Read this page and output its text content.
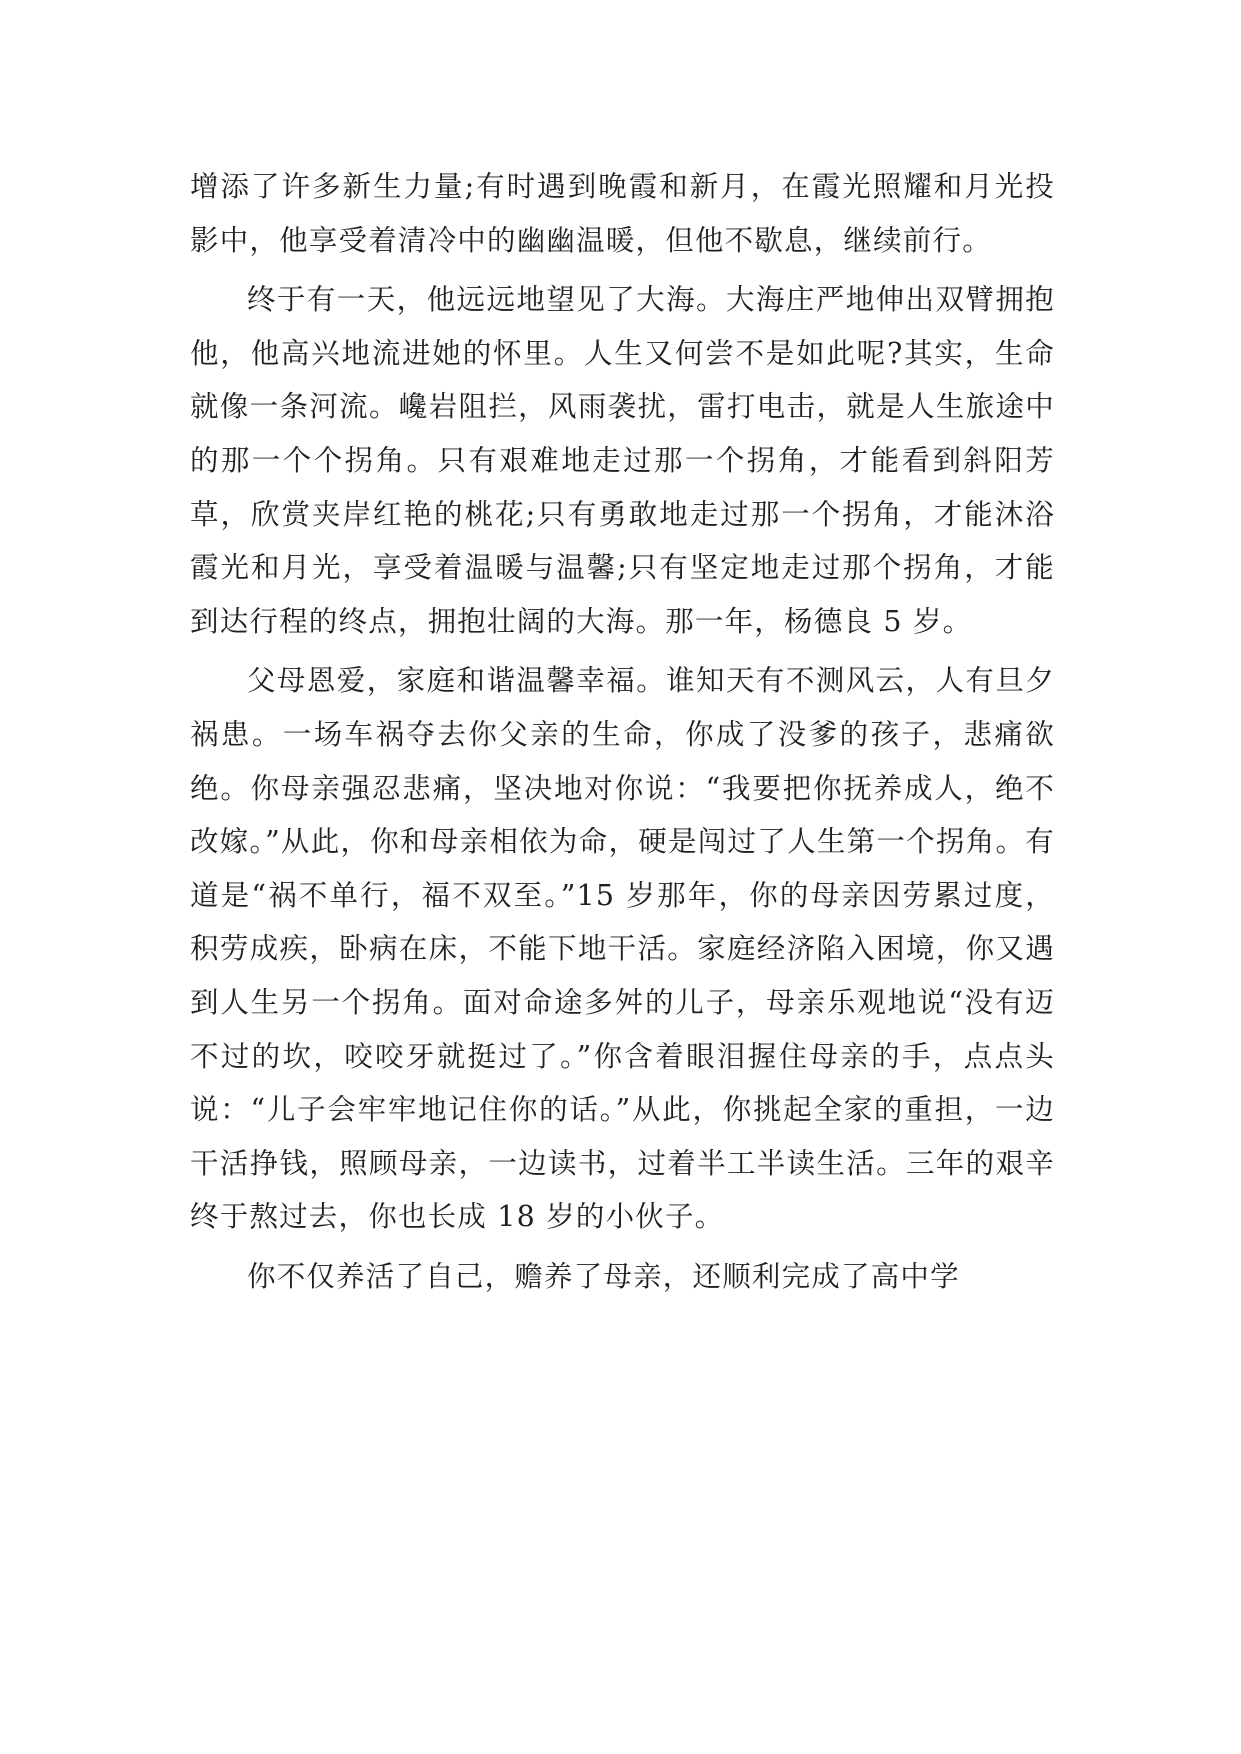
增添了许多新生力量;有时遇到晚霞和新月，在霞光照耀和月光投影中，他享受着清冷中的幽幽温暖，但他不歇息，继续前行。

终于有一天，他远远地望见了大海。大海庄严地伸出双臂拥抱他，他高兴地流进她的怀里。人生又何尝不是如此呢?其实，生命就像一条河流。巉岩阻拦，风雨袭扰，雷打电击，就是人生旅途中的那一个个拐角。只有艰难地走过那一个拐角，才能看到斜阳芳草，欣赏夹岸红艳的桃花;只有勇敢地走过那一个拐角，才能沐浴霞光和月光，享受着温暖与温馨;只有坚定地走过那个拐角，才能到达行程的终点，拥抱壮阔的大海。那一年，杨德良 5 岁。

父母恩爱，家庭和谐温馨幸福。谁知天有不测风云，人有旦夕祸患。一场车祸夺去你父亲的生命，你成了没爹的孩子，悲痛欲绝。你母亲强忍悲痛，坚决地对你说：“我要把你抚养成人，绝不改嫁。”从此，你和母亲相依为命，硬是闯过了人生第一个拐角。有道是“祸不单行，福不双至。”15 岁那年，你的母亲因劳累过度，积劳成疾，卧病在床，不能下地干活。家庭经济陷入困境，你又遇到人生另一个拐角。面对命途多舛的儿子，母亲乐观地说“没有迈不过的坎，咬咬牙就挺过了。”你含着眼泪握住母亲的手，点点头说：“儿子会牢牢地记住你的话。”从此，你挑起全家的重担，一边干活挣钱，照顾母亲，一边读书，过着半工半读生活。三年的艰辛终于熬过去，你也长成 18 岁的小伙子。

你不仅养活了自己，赡养了母亲，还顺利完成了高中学
